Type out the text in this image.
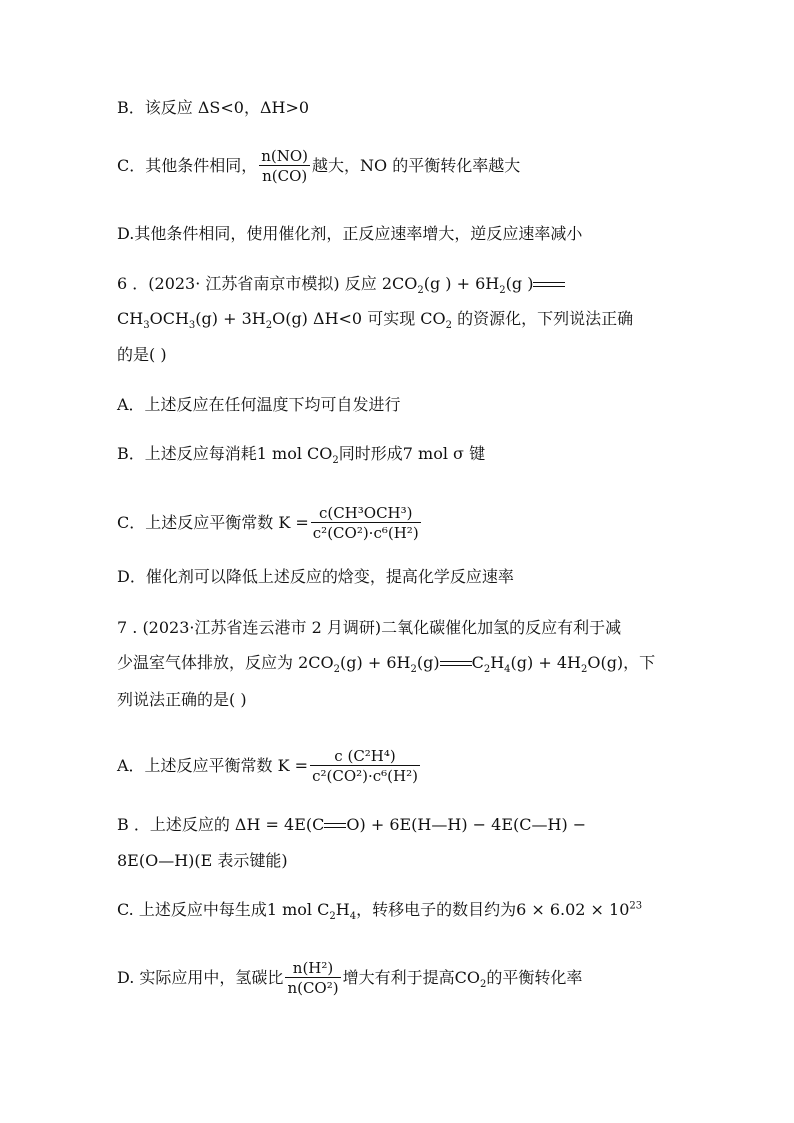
B．该反应 ΔS<0，ΔH>0
C．其他条件相同， $\frac{n(NO)}{n(CO)}$ 越大，NO 的平衡转化率越大
D.其他条件相同，使用催化剂，正反应速率增大，逆反应速率减小
6 ．(2023· 江苏省南京市模拟) 反应 $2CO_2(g$ ) + $6H_2(g$ )
$CH_3OCH_3(g) + 3H_2O(g)$ ΔH<0 可实现 $CO_2$ 的资源化，下列说法正确
的是( )
A．上述反应在任何温度下均可自发进行
B．上述反应每消耗1 mol $CO_2$同时形成7 mol σ 键
C．上述反应平衡常数 $K = \frac{\text{c(CH³OCH³)}}{\text{c²(CO²)·c⁶(H²)}}$
D．催化剂可以降低上述反应的焓变，提高化学反应速率
7 . (2023·江苏省连云港市 2 月调研)二氧化碳催化加氢的反应有利于减
少温室气体排放，反应为 $2CO_2(g) + 6H_2(g) C_2H_4(g) + 4H_2O(g)$，下
列说法正确的是( )
A．上述反应平衡常数 $K = \frac{\text{c (C²H⁴)}}{\text{c²(CO²)·c⁶(H²)}}$
B ．上述反应的 ΔH = 4E(C O) + 6E(H—H) − 4E(C—H) −
8E(O—H)(E 表示键能)
C. 上述反应中每生成1 mol $C_2H_4$，转移电子的数目约为$6 \times 6.02 \times 10^{23}$
D. 实际应用中，氢碳比 $\frac{\text{n(H²)}}{\text{n(CO²)}}$ 增大有利于提高$CO_2$的平衡转化率
